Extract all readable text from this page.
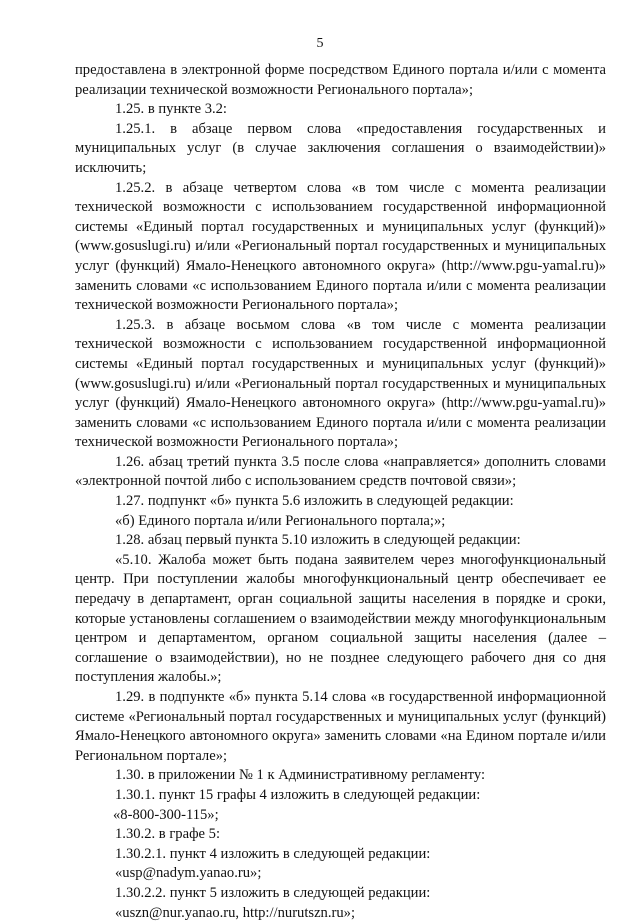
5

предоставлена в электронной форме посредством Единого портала и/или с момента реализации технической возможности Регионального портала»;

1.25. в пункте 3.2:

1.25.1. в абзаце первом слова «предоставления государственных и муниципальных услуг (в случае заключения соглашения о взаимодействии)» исключить;

1.25.2. в абзаце четвертом слова «в том числе с момента реализации технической возможности с использованием государственной информационной системы «Единый портал государственных и муниципальных услуг (функций)» (www.gosuslugi.ru) и/или «Региональный портал государственных и муниципальных услуг (функций) Ямало-Ненецкого автономного округа» (http://www.pgu-yamal.ru)» заменить словами «с использованием Единого портала и/или с момента реализации технической возможности Регионального портала»;

1.25.3. в абзаце восьмом слова «в том числе с момента реализации технической возможности с использованием государственной информационной системы «Единый портал государственных и муниципальных услуг (функций)» (www.gosuslugi.ru) и/или «Региональный портал государственных и муниципальных услуг (функций) Ямало-Ненецкого автономного округа» (http://www.pgu-yamal.ru)» заменить словами «с использованием Единого портала и/или с момента реализации технической возможности Регионального портала»;

1.26. абзац третий пункта 3.5 после слова «направляется» дополнить словами «электронной почтой либо с использованием средств почтовой связи»;

1.27. подпункт «б» пункта 5.6 изложить в следующей редакции:

«б) Единого портала и/или Регионального портала;»;

1.28. абзац первый пункта 5.10 изложить в следующей редакции:

«5.10. Жалоба может быть подана заявителем через многофункциональный центр. При поступлении жалобы многофункциональный центр обеспечивает ее передачу в департамент, орган социальной защиты населения в порядке и сроки, которые установлены соглашением о взаимодействии между многофункциональным центром и департаментом, органом социальной защиты населения (далее – соглашение о взаимодействии), но не позднее следующего рабочего дня со дня поступления жалобы.»;

1.29. в подпункте «б» пункта 5.14 слова «в государственной информационной системе «Региональный портал государственных и муниципальных услуг (функций) Ямало-Ненецкого автономного округа» заменить словами «на Едином портале и/или Региональном портале»;

1.30. в приложении № 1 к Административному регламенту:

1.30.1. пункт 15 графы 4 изложить в следующей редакции:

«8-800-300-115»;

1.30.2. в графе 5:

1.30.2.1. пункт 4 изложить в следующей редакции:

«usp@nadym.yanao.ru»;

1.30.2.2. пункт 5 изложить в следующей редакции:

«uszn@nur.yanao.ru, http://nurutszn.ru»;
